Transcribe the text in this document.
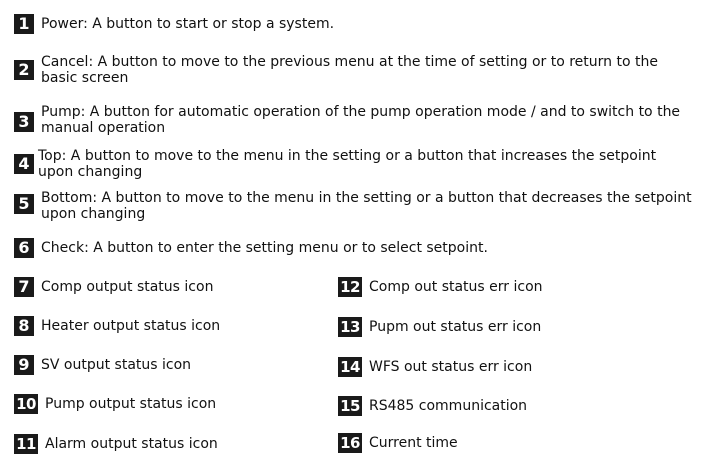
1 Power: A button to start or stop a system.
2 Cancel: A button to move to the previous menu at the time of setting or to return to the
basic screen
3 Pump: A button for automatic operation of the pump operation mode / and to switch to the
manual operation
4 Top: A button to move to the menu in the setting or a button that increases the setpoint
upon changing
5 Bottom: A button to move to the menu in the setting or a button that decreases the setpoint
upon changing
6 Check: A button to enter the setting menu or to select setpoint.
7 Comp output status icon
8 Heater output status icon
9 SV output status icon
10 Pump output status icon
11 Alarm output status icon
12 Comp out status err icon
13 Pupm out status err icon
14 WFS out status err icon
15 RS485 communication
16 Current time
